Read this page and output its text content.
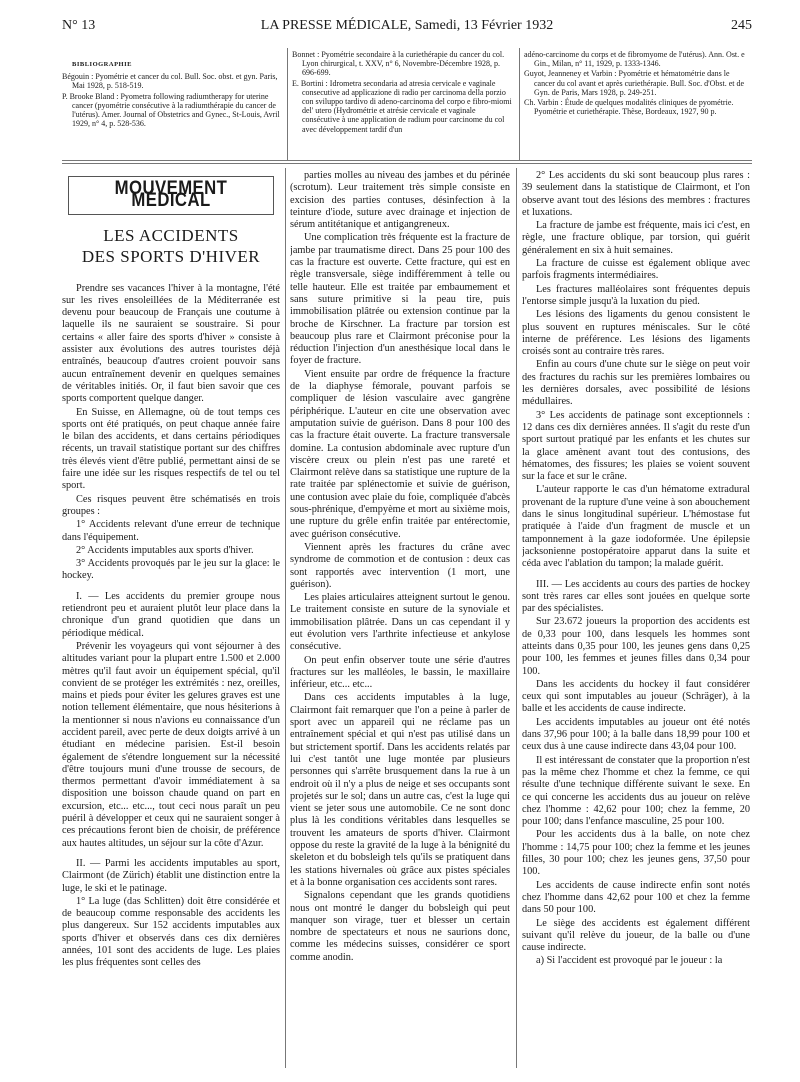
N° 13	LA PRESSE MÉDICALE, Samedi, 13 Février 1932	245
BIBLIOGRAPHIE

Bégouin : Pyométrie et cancer du col. Bull. Soc. obst. et gyn. Paris, Mai 1928, p. 518-519.

P. Brooke Bland : Pyometra following radiumtherapy for uterine cancer (pyométrie consécutive à la radiumthérapie du cancer de l'utérus). Amer. Journal of Obstetrics and Gynec., St-Louis, Avril 1929, n° 4, p. 528-536.

Bonnet : Pyométrie secondaire à la curiethérapie du cancer du col. Lyon chirurgical, t. XXV, n° 6, Novembre-Décembre 1928, p. 696-699.

E. Bortini : Idrometra secondaria ad atresia cervicale e vaginale consecutive ad applicazione di radio per carcinoma della porzio con sviluppo tardivo di adeno-carcinoma del corpo e fibro-miomi del' utero (Hydrométrie et atrésie cervicale et vaginale consécutive à une application de radium pour carcinome du col avec développement tardif d'un

adéno-carcinome du corps et de fibromyome de l'utérus). Ann. Ost. e Gin., Milan, n° 11, 1929, p. 1333-1346.

Guyot, Jeanneney et Varbin : Pyométrie et hématométrie dans le cancer du col avant et après curiethérapie. Bull. Soc. d'Obst. et de Gyn. de Paris, Mars 1928, p. 249-251.

Ch. Varbin : Étude de quelques modalités cliniques de pyométrie. Pyométrie et curiethérapie. Thèse, Bordeaux, 1927, 90 p.

MOUVEMENT MÉDICAL
LES ACCIDENTS
DES SPORTS D'HIVER

Prendre ses vacances l'hiver à la montagne, l'été sur les rives ensoleillées de la Méditerranée est devenu pour beaucoup de Français une coutume à laquelle ils ne sauraient se soustraire. Si pour certains « aller faire des sports d'hiver » consiste à assister aux évolutions des autres touristes déjà entraînés, beaucoup d'autres croient pouvoir sans aucun entraînement devenir en quelques semaines de véritables initiés. Or, il faut bien savoir que ces sports comportent quelque danger.

En Suisse, en Allemagne, où de tout temps ces sports ont été pratiqués, on peut chaque année faire le bilan des accidents, et dans certains périodiques récents, un travail statistique portant sur des chiffres très élevés vient d'être publié, permettant ainsi de se faire une idée sur les risques respectifs de tel ou tel sport.

Ces risques peuvent être schématisés en trois groupes :

1° Accidents relevant d'une erreur de technique dans l'équipement.

2° Accidents imputables aux sports d'hiver.

3° Accidents provoqués par le jeu sur la glace: le hockey.

I. — Les accidents du premier groupe nous retiendront peu et auraient plutôt leur place dans la chronique d'un grand quotidien que dans un périodique médical.

Prévenir les voyageurs qui vont séjourner à des altitudes variant pour la plupart entre 1.500 et 2.000 mètres qu'il faut avoir un équipement spécial, qu'il convient de se protéger les extrémités : nez, oreilles, mains et pieds pour éviter les gelures graves est une notion tellement élémentaire, que nous hésiterions à la mentionner si nous n'avions eu connaissance d'un accident pareil, avec perte de deux doigts arrivé à un étudiant en médecine parisien. Est-il besoin également de s'étendre longuement sur la nécessité d'être toujours muni d'une trousse de secours, de thermos permettant d'avoir immédiatement à sa disposition une boisson chaude quand on part en excursion, etc... etc..., tout ceci nous paraît un peu puéril à développer et ceux qui ne sauraient songer à ces précautions feront bien de choisir, de préférence aux hautes altitudes, un séjour sur la côte d'Azur.

II. — Parmi les accidents imputables au sport, Clairmont (de Zürich) établit une distinction entre la luge, le ski et le patinage.

1° La luge (das Schlitten) doit être considérée et de beaucoup comme responsable des accidents les plus dangereux. Sur 152 accidents imputables aux sports d'hiver et observés dans ces dix dernières années, 101 sont des accidents de luge. Les plaies les plus fréquentes sont celles des

parties molles au niveau des jambes et du périnée (scrotum). Leur traitement très simple consiste en excision des parties contuses, désinfection à la teinture d'iode, suture avec drainage et injection de sérum antitétanique et antigangreneux.

Une complication très fréquente est la fracture de jambe par traumatisme direct. Dans 25 pour 100 des cas la fracture est ouverte. Cette fracture, qui est en règle transversale, siège indifféremment à telle ou telle hauteur. Elle est traitée par embaumement et sans suture primitive si la peau tire, puis immobilisation plâtrée ou extension continue par la broche de Kirschner. La fracture par torsion est beaucoup plus rare et Clairmont préconise pour la réduction l'injection d'un anesthésique local dans le foyer de fracture.

Vient ensuite par ordre de fréquence la fracture de la diaphyse fémorale, pouvant parfois se compliquer de lésion vasculaire avec gangrène périphérique. L'auteur en cite une observation avec amputation suivie de guérison. Dans 8 pour 100 des cas la fracture était ouverte. La fracture transversale domine. La contusion abdominale avec rupture d'un viscère creux ou plein n'est pas une rareté et Clairmont relève dans sa statistique une rupture de la rate traitée par splénectomie et suivie de guérison, une contusion avec plaie du foie, compliquée d'abcès sous-phrénique, d'empyème et mort au sixième mois, une rupture du grêle enfin traitée par entérectomie, avec guérison consécutive.

Viennent après les fractures du crâne avec syndrome de commotion et de contusion : deux cas sont rapportés avec intervention (1 mort, une guérison).

Les plaies articulaires atteignent surtout le genou. Le traitement consiste en suture de la synoviale et immobilisation plâtrée. Dans un cas cependant il y eut évolution vers l'arthrite infectieuse et ankylose consécutive.

On peut enfin observer toute une série d'autres fractures sur les malléoles, le bassin, le maxillaire inférieur, etc... etc...

Dans ces accidents imputables à la luge, Clairmont fait remarquer que l'on a peine à parler de sport avec un appareil qui ne réclame pas un entraînement spécial et qui n'est pas utilisé dans un but strictement sportif. Dans les accidents relatés par lui c'est tantôt une luge montée par plusieurs personnes qui s'arrête brusquement dans la rue à un endroit où il n'y a plus de neige et ses occupants sont projetés sur le sol; dans un autre cas, c'est la luge qui vient se jeter sous une automobile. Ce ne sont donc plus là les conditions véritables dans lesquelles se trouvent les amateurs de sports d'hiver. Clairmont oppose du reste la gravité de la luge à la bénignité du skeleton et du bobsleigh tels qu'ils se pratiquent dans les stations hivernales où grâce aux pistes spéciales et à la bonne organisation ces accidents sont rares.

Signalons cependant que les grands quotidiens nous ont montré le danger du bobsleigh qui peut manquer son virage, tuer et blesser un certain nombre de spectateurs et nous ne saurions donc, comme les médecins suisses, considérer ce sport comme anodin.

2° Les accidents du ski sont beaucoup plus rares : 39 seulement dans la statistique de Clairmont, et l'on observe avant tout des lésions des membres : fractures et luxations.

La fracture de jambe est fréquente, mais ici c'est, en règle, une fracture oblique, par torsion, qui guérit généralement en six à huit semaines.

La fracture de cuisse est également oblique avec parfois fragments intermédiaires.

Les fractures malléolaires sont fréquentes depuis l'entorse simple jusqu'à la luxation du pied.

Les lésions des ligaments du genou consistent le plus souvent en ruptures méniscales. Sur le côté interne de préférence. Les lésions des ligaments croisés sont au contraire très rares.

Enfin au cours d'une chute sur le siège on peut voir des fractures du rachis sur les premières lombaires ou les dernières dorsales, avec possibilité de lésions médullaires.

3° Les accidents de patinage sont exceptionnels : 12 dans ces dix dernières années. Il s'agit du reste d'un sport surtout pratiqué par les enfants et les chutes sur la glace amènent avant tout des contusions, des hématomes, des fissures; les plaies se voient souvent sur la face et sur le crâne.

L'auteur rapporte le cas d'un hématome extradural provenant de la rupture d'une veine à son abouchement dans le sinus longitudinal supérieur. L'hémostase fut pratiquée à l'aide d'un fragment de muscle et un tamponnement à la gaze iodoformée. Une épilepsie jacksonienne postopératoire apparut dans la suite et céda avec l'ablation du tampon; la malade guérit.

III. — Les accidents au cours des parties de hockey sont très rares car elles sont jouées en quelque sorte par des spécialistes.

Sur 23.672 joueurs la proportion des accidents est de 0,33 pour 100, dans lesquels les hommes sont atteints dans 0,35 pour 100, les jeunes gens dans 0,25 pour 100, les femmes et jeunes filles dans 0,34 pour 100.

Dans les accidents du hockey il faut considérer ceux qui sont imputables au joueur (Schräger), à la balle et les accidents de cause indirecte.

Les accidents imputables au joueur ont été notés dans 37,96 pour 100; à la balle dans 18,99 pour 100 et ceux dus à une cause indirecte dans 43,04 pour 100.

Il est intéressant de constater que la proportion n'est pas la même chez l'homme et chez la femme, ce qui résulte d'une technique différente suivant le sexe. En ce qui concerne les accidents dus au joueur on relève chez l'homme : 42,62 pour 100; chez la femme, 20 pour 100; dans l'enfance masculine, 25 pour 100.

Pour les accidents dus à la balle, on note chez l'homme : 14,75 pour 100; chez la femme et les jeunes filles, 30 pour 100; chez les jeunes gens, 37,50 pour 100.

Les accidents de cause indirecte enfin sont notés chez l'homme dans 42,62 pour 100 et chez la femme dans 50 pour 100.

Le siège des accidents est également différent suivant qu'il relève du joueur, de la balle ou d'une cause indirecte.

a) Si l'accident est provoqué par le joueur : la
